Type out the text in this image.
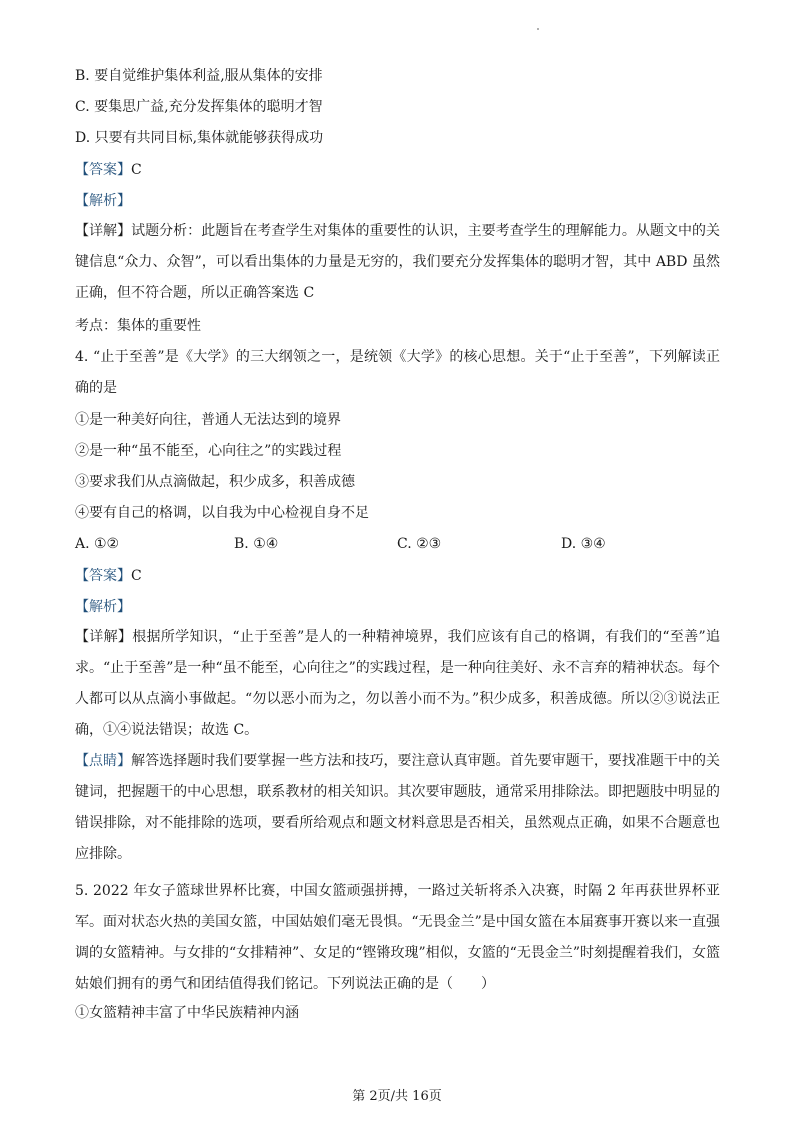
B. 要自觉维护集体利益,服从集体的安排
C. 要集思广益,充分发挥集体的聪明才智
D. 只要有共同目标,集体就能够获得成功
【答案】C
【解析】
【详解】试题分析：此题旨在考查学生对集体的重要性的认识，主要考查学生的理解能力。从题文中的关键信息“众力、众智”，可以看出集体的力量是无穷的，我们要充分发挥集体的聪明才智，其中 ABD 虽然正确，但不符合题，所以正确答案选 C
考点：集体的重要性
4. “止于至善”是《大学》的三大纲领之一，是统领《大学》的核心思想。关于“止于至善”，下列解读正确的是
①是一种美好向往，普通人无法达到的境界
②是一种“虽不能至，心向往之”的实践过程
③要求我们从点滴做起，积少成多，积善成德
④要有自己的格调，以自我为中心检视自身不足
A. ①②	B. ①④	C. ②③	D. ③④
【答案】C
【解析】
【详解】根据所学知识，“止于至善”是人的一种精神境界，我们应该有自己的格调，有我们的“至善”追求。“止于至善”是一种“虽不能至，心向往之”的实践过程，是一种向往美好、永不言弃的精神状态。每个人都可以从点滴小事做起。“勿以恶小而为之，勿以善小而不为。”积少成多，积善成德。所以②③说法正确，①④说法错误；故选 C。
【点睛】解答选择题时我们要掌握一些方法和技巧，要注意认真审题。首先要审题干，要找准题干中的关键词，把握题干的中心思想，联系教材的相关知识。其次要审题肢，通常采用排除法。即把题肢中明显的错误排除，对不能排除的选项，要看所给观点和题文材料意思是否相关，虽然观点正确，如果不合题意也应排除。
5. 2022 年女子篮球世界杯比赛，中国女篮顽强拼搏，一路过关斩将杀入决赛，时隔 2 年再获世界杯亚军。面对状态火热的美国女篮，中国姑娘们毫无畏惧。“无畏金兰”是中国女篮在本届赛事开赛以来一直强调的女篮精神。与女排的“女排精神”、女足的“铿锵玫瑰”相似，女篮的“无畏金兰”时刻提醒着我们，女篮姑娘们拥有的勇气和团结值得我们铭记。下列说法正确的是（　　）
①女篮精神丰富了中华民族精神内涵
第 2页/共 16页
